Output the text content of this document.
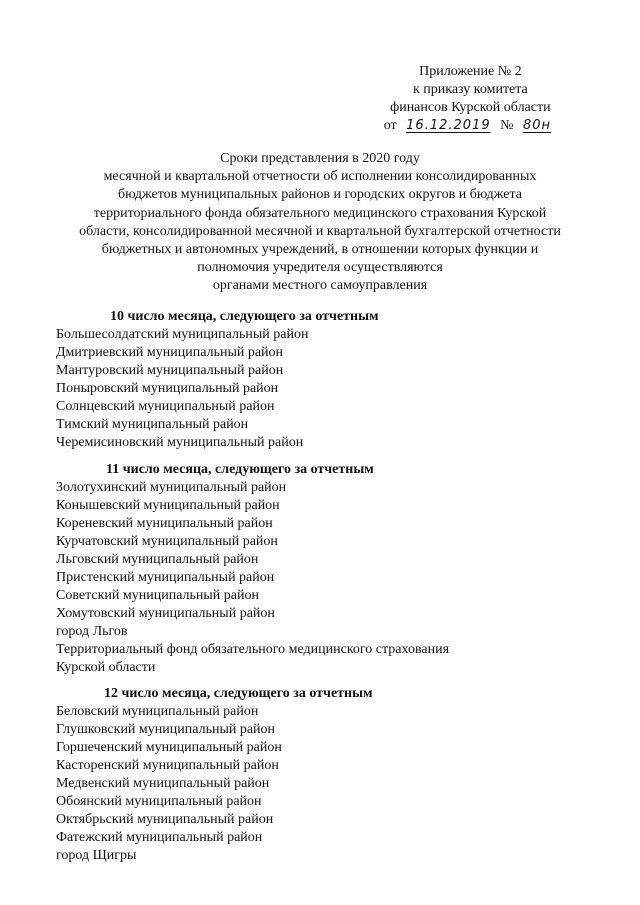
Приложение № 2
к приказу комитета
финансов Курской области
от 16.12.2019 № 80н
Сроки представления в 2020 году
месячной и квартальной отчетности об исполнении консолидированных
бюджетов муниципальных районов и городских округов и бюджета
территориального фонда обязательного медицинского страхования Курской
области, консолидированной месячной и квартальной бухгалтерской отчетности
бюджетных и автономных учреждений, в отношении которых функции и
полномочия учредителя осуществляются
органами местного самоуправления
10 число месяца, следующего за отчетным
Большесолдатский муниципальный район
Дмитриевский муниципальный район
Мантуровский муниципальный район
Поныровский муниципальный район
Солнцевский муниципальный район
Тимский муниципальный район
Черемисиновский муниципальный район
11 число месяца, следующего за отчетным
Золотухинский муниципальный район
Конышевский муниципальный район
Кореневский муниципальный район
Курчатовский муниципальный район
Льговский муниципальный район
Пристенский муниципальный район
Советский муниципальный район
Хомутовский муниципальный район
город Льгов
Территориальный фонд обязательного медицинского страхования
Курской области
12 число месяца, следующего за отчетным
Беловский муниципальный район
Глушковский муниципальный район
Горшеченский муниципальный район
Касторенский муниципальный район
Медвенский муниципальный район
Обоянский муниципальный район
Октябрьский муниципальный район
Фатежский муниципальный район
город Щигры
